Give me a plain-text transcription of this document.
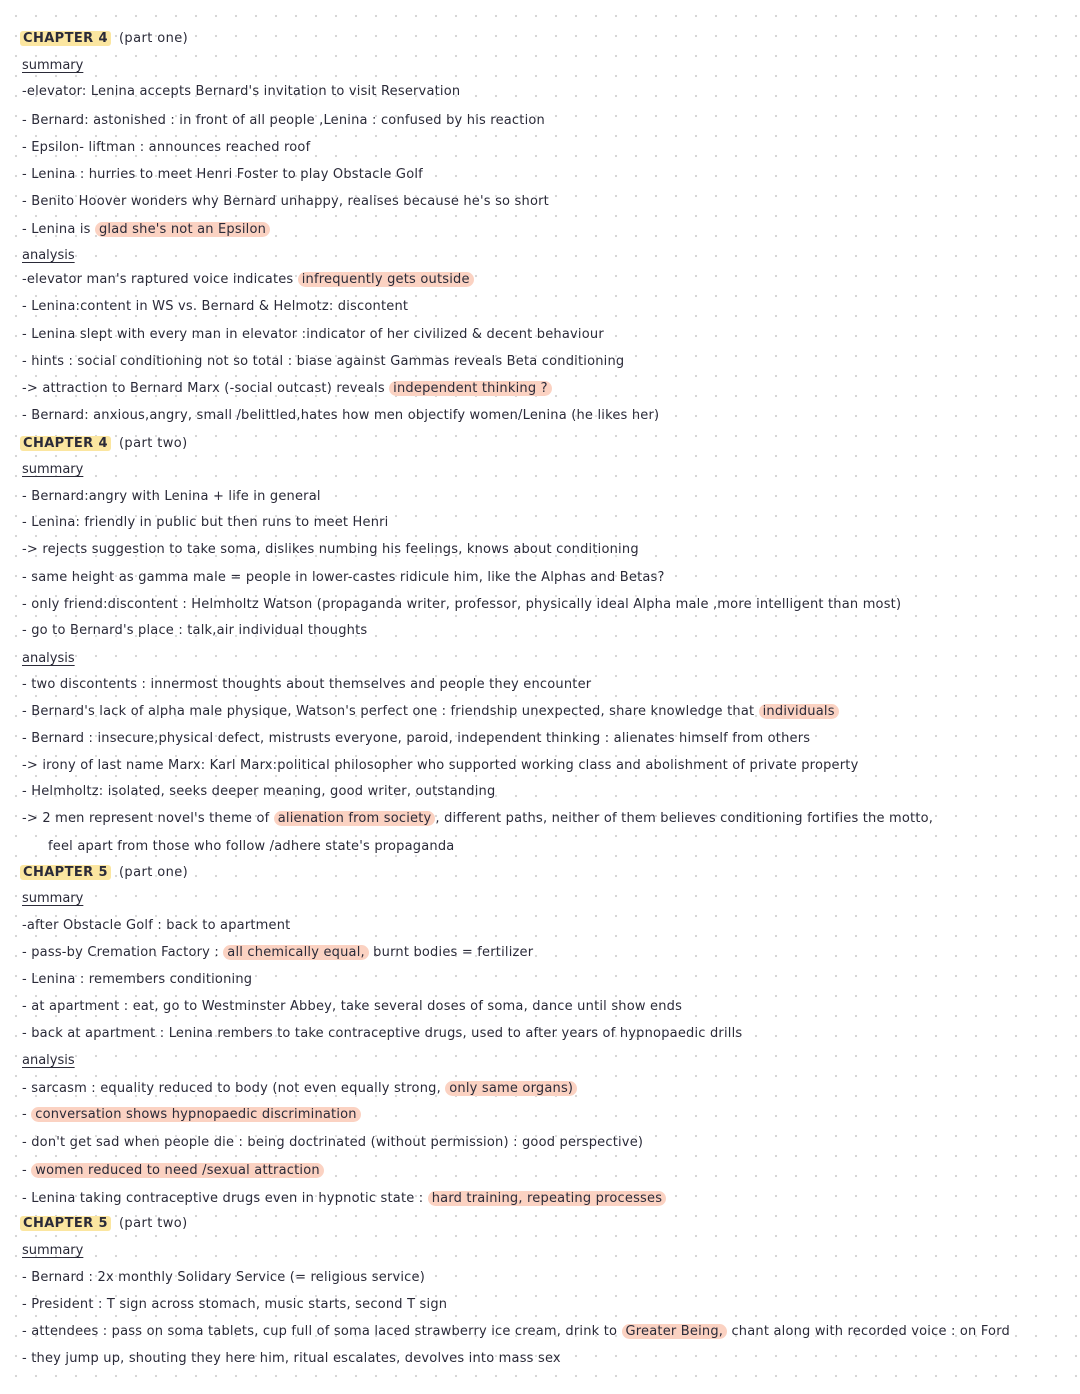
CHAPTER 4 (part one)
summary
-elevator: Lenina accepts Bernard's invitation to visit Reservation
- Bernard: astonished : in front of all people ,Lenina : confused by his reaction
- Epsilon- liftman : announces reached roof
- Lenina : hurries to meet Henri Foster to play Obstacle Golf
- Benito Hoover wonders why Bernard unhappy, realises because he's so short
- Lenina is glad she's not an Epsilon
analysis
-elevator man's raptured voice indicates infrequently gets outside
- Lenina:content in WS vs. Bernard & Helmotz: discontent
- Lenina slept with every man in elevator :indicator of her civilized & decent behaviour
- hints : social conditioning not so total : biase against Gammas reveals Beta conditioning
-> attraction to Bernard Marx (-social outcast) reveals independent thinking ?
- Bernard: anxious,angry, small /belittled,hates how men objectify women/Lenina (he likes her)
CHAPTER 4 (part two)
summary
- Bernard:angry with Lenina + life in general
- Lenina: friendly in public but then runs to meet Henri
-> rejects suggestion to take soma, dislikes numbing his feelings, knows about conditioning
- same height as gamma male = people in lower-castes ridicule him, like the Alphas and Betas?
- only friend:discontent : Helmholtz Watson (propaganda writer, professor, physically ideal Alpha male ,more intelligent than most)
- go to Bernard's place : talk,air individual thoughts
analysis
- two discontents : innermost thoughts about themselves and people they encounter
- Bernard's lack of alpha male physique, Watson's perfect one : friendship unexpected, share knowledge that individuals
- Bernard : insecure,physical defect, mistrusts everyone, paroid, independent thinking : alienates himself from others
-> irony of last name Marx: Karl Marx:political philosopher who supported working class and abolishment of private property
- Helmholtz: isolated, seeks deeper meaning, good writer, outstanding
-> 2 men represent novel's theme of alienation from society , different paths, neither of them believes conditioning fortifies the motto,
feel apart from those who follow /adhere state's propaganda
CHAPTER 5 (part one)
summary
-after Obstacle Golf : back to apartment
- pass-by Cremation Factory : all chemically equal, burnt bodies = fertilizer
- Lenina : remembers conditioning
- at apartment : eat, go to Westminster Abbey, take several doses of soma, dance until show ends
- back at apartment : Lenina rembers to take contraceptive drugs, used to after years of hypnopaedic drills
analysis
- sarcasm : equality reduced to body (not even equally strong, only same organs)
- conversation shows hypnopaedic discrimination
- don't get sad when people die : being doctrinated (without permission) : good perspective)
- women reduced to need /sexual attraction
- Lenina taking contraceptive drugs even in hypnotic state : hard training, repeating processes
CHAPTER 5 (part two)
summary
- Bernard : 2x monthly Solidary Service (= religious service)
- President : T sign across stomach, music starts, second T sign
- attendees : pass on soma tablets, cup full of soma laced strawberry ice cream, drink to Greater Being, chant along with recorded voice : on Ford
- they jump up, shouting they here him, ritual escalates, devolves into mass sex
